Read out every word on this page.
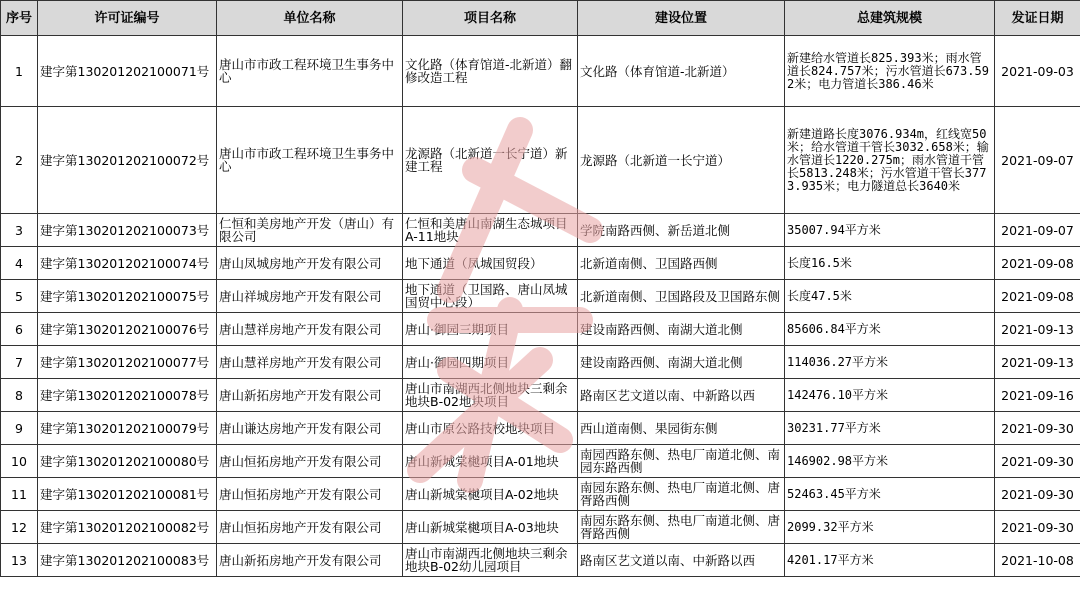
序号	许可证编号	单位名称	项目名称	建设位置	总建筑规模	发证日期
1	建字第130201202100071号	唐山市市政工程环境卫生事务中心	文化路（体育馆道-北新道）翻修改造工程	文化路（体育馆道-北新道）	新建给水管道长825.393米；雨水管道长824.757米；污水管道长673.592米；电力管道长386.46米	2021-09-03
2	建字第130201202100072号	唐山市市政工程环境卫生事务中心	龙源路（北新道一长宁道）新建工程	龙源路（北新道一长宁道）	新建道路长度3076.934m，红线宽50米；给水管道干管长3032.658米；输水管道长1220.275m；雨水管道干管长5813.248米；污水管道干管长3773.935米；电力隧道总长3640米	2021-09-07
3	建字第130201202100073号	仁恒和美房地产开发（唐山）有限公司	仁恒和美唐山南湖生态城项目A-11地块	学院南路西侧、新岳道北侧	35007.94平方米	2021-09-07
4	建字第130201202100074号	唐山凤城房地产开发有限公司	地下通道（凤城国贸段）	北新道南侧、卫国路西侧	长度16.5米	2021-09-08
5	建字第130201202100075号	唐山祥城房地产开发有限公司	地下通道（卫国路、唐山凤城国贸中心段）	北新道南侧、卫国路段及卫国路东侧	长度47.5米	2021-09-08
6	建字第130201202100076号	唐山慧祥房地产开发有限公司	唐山·御园三期项目	建设南路西侧、南湖大道北侧	85606.84平方米	2021-09-13
7	建字第130201202100077号	唐山慧祥房地产开发有限公司	唐山·御园四期项目	建设南路西侧、南湖大道北侧	114036.27平方米	2021-09-13
8	建字第130201202100078号	唐山新拓房地产开发有限公司	唐山市南湖西北侧地块三剩余地块B-02地块项目	路南区艺文道以南、中新路以西	142476.10平方米	2021-09-16
9	建字第130201202100079号	唐山谦达房地产开发有限公司	唐山市原公路技校地块项目	西山道南侧、果园街东侧	30231.77平方米	2021-09-30
10	建字第130201202100080号	唐山恒拓房地产开发有限公司	唐山新城棠樾项目A-01地块	南园西路东侧、热电厂南道北侧、南园东路西侧	146902.98平方米	2021-09-30
11	建字第130201202100081号	唐山恒拓房地产开发有限公司	唐山新城棠樾项目A-02地块	南园东路东侧、热电厂南道北侧、唐胥路西侧	52463.45平方米	2021-09-30
12	建字第130201202100082号	唐山恒拓房地产开发有限公司	唐山新城棠樾项目A-03地块	南园东路东侧、热电厂南道北侧、唐胥路西侧	2099.32平方米	2021-09-30
13	建字第130201202100083号	唐山新拓房地产开发有限公司	唐山市南湖西北侧地块三剩余地块B-02幼儿园项目	路南区艺文道以南、中新路以西	4201.17平方米	2021-10-08
